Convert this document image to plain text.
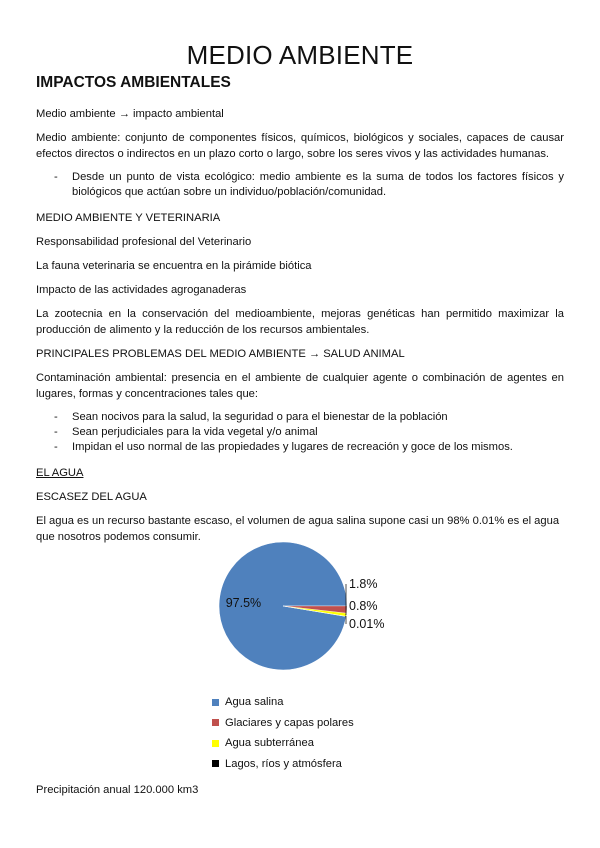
MEDIO AMBIENTE
IMPACTOS AMBIENTALES

Medio ambiente → impacto ambiental

Medio ambiente: conjunto de componentes físicos, químicos, biológicos y sociales, capaces de causar efectos directos o indirectos en un plazo corto o largo, sobre los seres vivos y las actividades humanas.

- Desde un punto de vista ecológico: medio ambiente es la suma de todos los factores físicos y biológicos que actúan sobre un individuo/población/comunidad.

MEDIO AMBIENTE Y VETERINARIA

Responsabilidad profesional del Veterinario

La fauna veterinaria se encuentra en la pirámide biótica

Impacto de las actividades agroganaderas

La zootecnia en la conservación del medioambiente, mejoras genéticas han permitido maximizar la producción de alimento y la reducción de los recursos ambientales.

PRINCIPALES PROBLEMAS DEL MEDIO AMBIENTE → SALUD ANIMAL

Contaminación ambiental: presencia en el ambiente de cualquier agente o combinación de agentes en lugares, formas y concentraciones tales que:

- Sean nocivos para la salud, la seguridad o para el bienestar de la población
- Sean perjudiciales para la vida vegetal y/o animal
- Impidan el uso normal de las propiedades y lugares de recreación y goce de los mismos.

EL AGUA

ESCASEZ DEL AGUA

El agua es un recurso bastante escaso, el volumen de agua salina supone casi un 98% 0.01% es el agua que nosotros podemos consumir.

97.5%
1.8%
0.8%
0.01%
Agua salina
Glaciares y capas polares
Agua subterránea
Lagos, ríos y atmósfera

Precipitación anual 120.000 km3
